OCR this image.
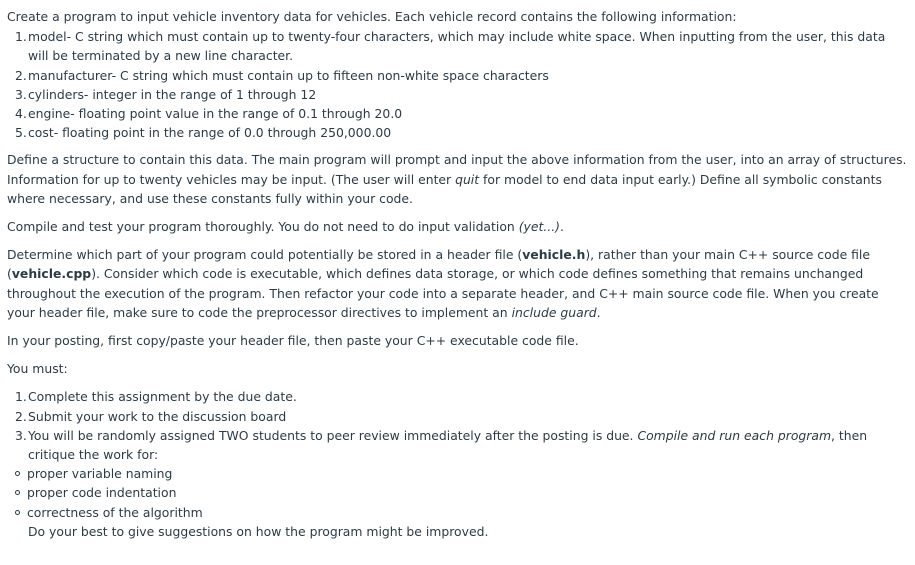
Create a program to input vehicle inventory data for vehicles. Each vehicle record contains the following information:

1. model- C string which must contain up to twenty-four characters, which may include white space. When inputting from the user, this data will be terminated by a new line character.
2. manufacturer- C string which must contain up to fifteen non-white space characters
3. cylinders- integer in the range of 1 through 12
4. engine- floating point value in the range of 0.1 through 20.0
5. cost- floating point in the range of 0.0 through 250,000.00

Define a structure to contain this data. The main program will prompt and input the above information from the user, into an array of structures. Information for up to twenty vehicles may be input. (The user will enter quit for model to end data input early.) Define all symbolic constants where necessary, and use these constants fully within your code.

Compile and test your program thoroughly. You do not need to do input validation (yet...).

Determine which part of your program could potentially be stored in a header file (vehicle.h), rather than your main C++ source code file (vehicle.cpp). Consider which code is executable, which defines data storage, or which code defines something that remains unchanged throughout the execution of the program. Then refactor your code into a separate header, and C++ main source code file. When you create your header file, make sure to code the preprocessor directives to implement an include guard.

In your posting, first copy/paste your header file, then paste your C++ executable code file.

You must:

1. Complete this assignment by the due date.
2. Submit your work to the discussion board
3. You will be randomly assigned TWO students to peer review immediately after the posting is due. Compile and run each program, then critique the work for:
proper variable naming
proper code indentation
correctness of the algorithm

Do your best to give suggestions on how the program might be improved.
